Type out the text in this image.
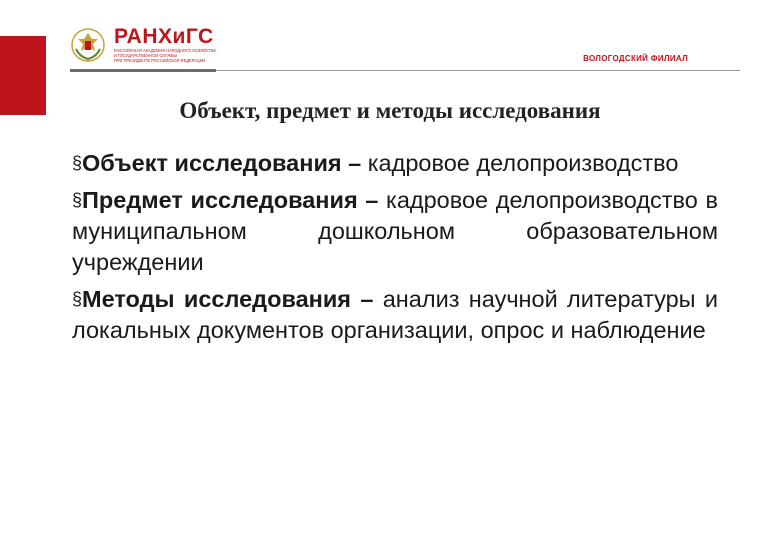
РАНХиГС
РОССИЙСКАЯ АКАДЕМИЯ НАРОДНОГО ХОЗЯЙСТВА
И ГОСУДАРСТВЕННОЙ СЛУЖБЫ
ПРИ ПРЕЗИДЕНТЕ РОССИЙСКОЙ ФЕДЕРАЦИИ	ВОЛОГОДСКИЙ ФИЛИАЛ
Объект, предмет и методы исследования

§Объект исследования – кадровое делопроизводство

§Предмет исследования – кадровое делопроизводство в муниципальном дошкольном образовательном учреждении

§Методы исследования – анализ научной литературы и локальных документов организации, опрос и наблюдение
